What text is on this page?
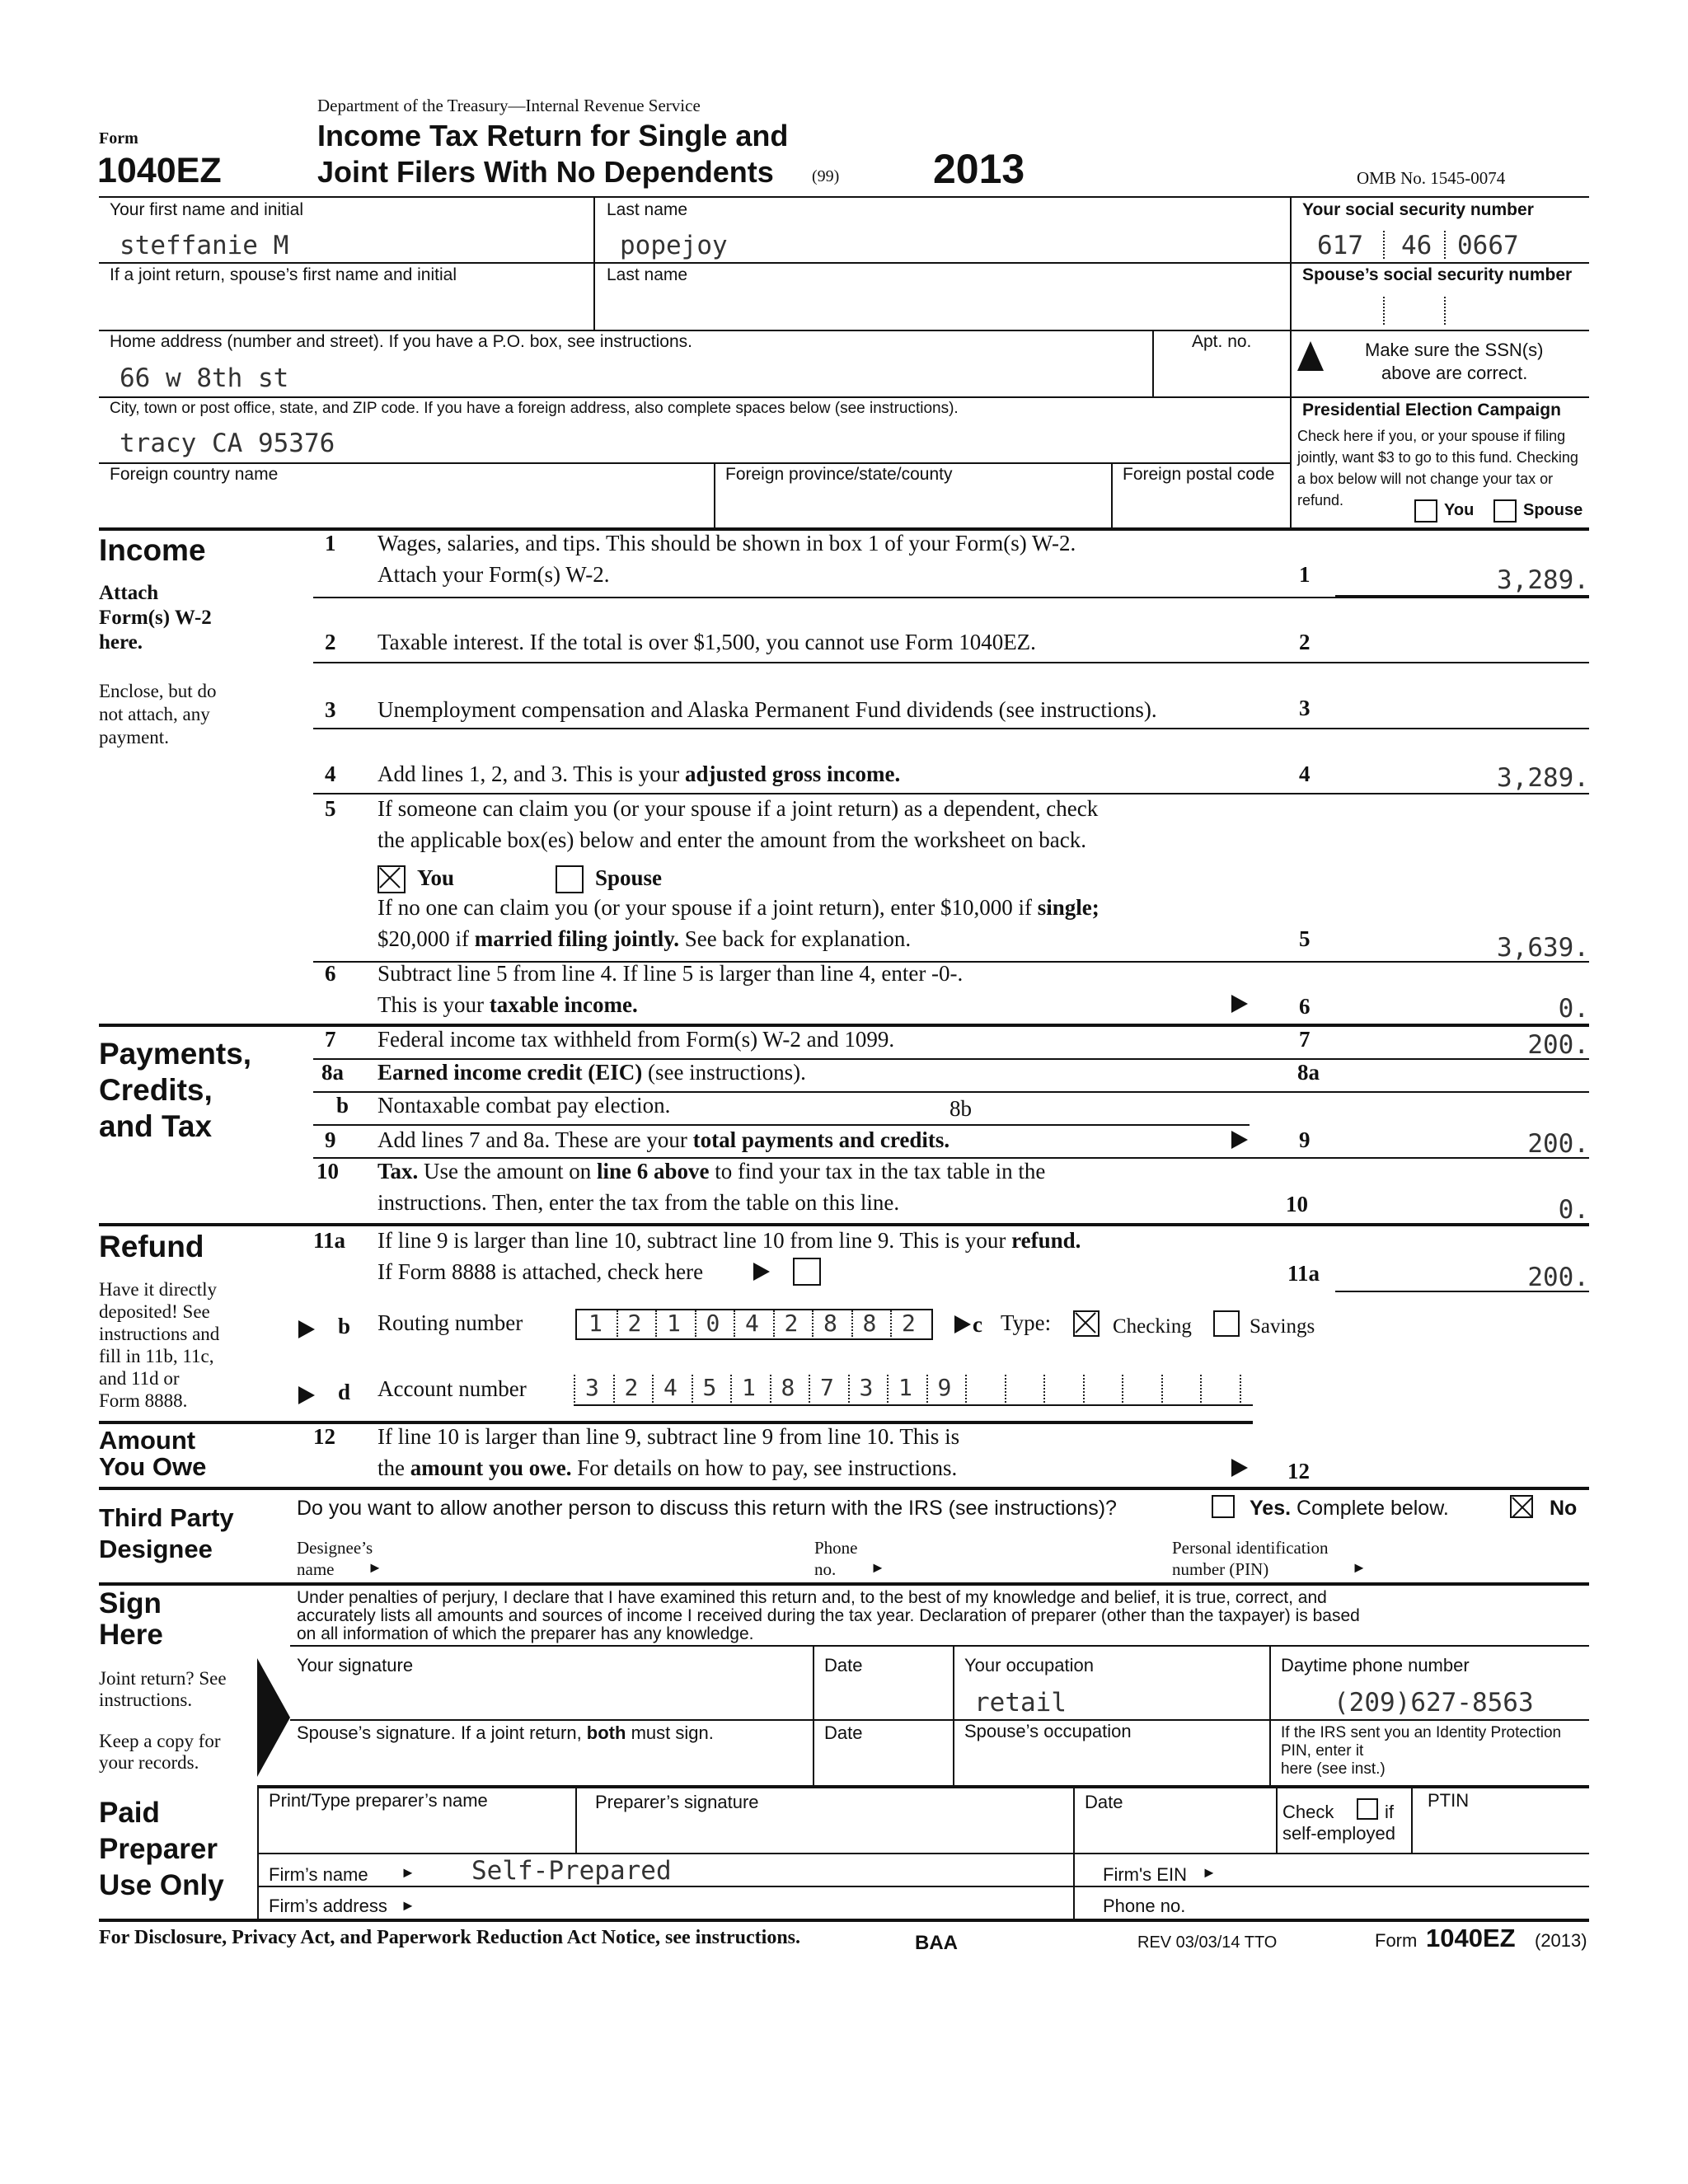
Department of the Treasury—Internal Revenue Service
Form
1040EZ
Income Tax Return for Single and
Joint Filers With No Dependents (99) 2013	OMB No. 1545-0074
Your first name and initial
steffanie M
Last name
popejoy
Your social security number
617 46 0667
If a joint return, spouse’s first name and initial	Last name	Spouse’s social security number
Home address (number and street). If you have a P.O. box, see instructions.
66 w 8th st
Apt. no.	Make sure the SSN(s)
above are correct.
City, town or post office, state, and ZIP code. If you have a foreign address, also complete spaces below (see instructions).
tracy CA 95376
Presidential Election Campaign
Check here if you, or your spouse if filing
jointly, want $3 to go to this fund. Checking
a box below will not change your tax or
refund.
You	Spouse
Foreign country name	Foreign province/state/county	Foreign postal code
Income
Attach
Form(s) W-2
here.
Enclose, but do
not attach, any
payment.
1 Wages, salaries, and tips. This should be shown in box 1 of your Form(s) W-2.
Attach your Form(s) W-2.	1	3,289.
2 Taxable interest. If the total is over $1,500, you cannot use Form 1040EZ.	2
3 Unemployment compensation and Alaska Permanent Fund dividends (see instructions).	3
4 Add lines 1, 2, and 3. This is your adjusted gross income.	4	3,289.
5 If someone can claim you (or your spouse if a joint return) as a dependent, check
the applicable box(es) below and enter the amount from the worksheet on back.
You	Spouse
If no one can claim you (or your spouse if a joint return), enter $10,000 if single;
$20,000 if married filing jointly. See back for explanation.	5	3,639.
6 Subtract line 5 from line 4. If line 5 is larger than line 4, enter -0-.
This is your taxable income.	6	0.
Payments,
Credits,
and Tax
7 Federal income tax withheld from Form(s) W-2 and 1099.	7	200.
8a Earned income credit (EIC) (see instructions).	8a
b Nontaxable combat pay election.	8b
9 Add lines 7 and 8a. These are your total payments and credits.	9	200.
10 Tax. Use the amount on line 6 above to find your tax in the tax table in the
instructions. Then, enter the tax from the table on this line.	10	0.
Refund
Have it directly
deposited! See
instructions and
fill in 11b, 11c,
and 11d or
Form 8888.
11a If line 9 is larger than line 10, subtract line 10 from line 9. This is your refund.
If Form 8888 is attached, check here	11a	200.
b Routing number	1 2 1 0 4 2 8 8 2	c Type:	Checking	Savings
d Account number	3 2 4 5 1 8 7 3 1 9
Amount
You Owe
12 If line 10 is larger than line 9, subtract line 9 from line 10. This is
the amount you owe. For details on how to pay, see instructions.	12
Third Party
Designee
Do you want to allow another person to discuss this return with the IRS (see instructions)?	Yes. Complete below.	No
Designee’s
name ►
Phone
no. ►
Personal identification
number (PIN)	►
Sign
Here
Joint return? See
instructions.
Keep a copy for
your records.
Under penalties of perjury, I declare that I have examined this return and, to the best of my knowledge and belief, it is true, correct, and
accurately lists all amounts and sources of income I received during the tax year. Declaration of preparer (other than the taxpayer) is based
on all information of which the preparer has any knowledge.
Your signature	Date	Your occupation
retail
Daytime phone number
(209)627-8563
Spouse’s signature. If a joint return, both must sign.	Date	Spouse’s occupation	If the IRS sent you an Identity Protection
PIN, enter it
here (see inst.)
Paid
Preparer
Use Only
Print/Type preparer’s name	Preparer’s signature	Date	Check	if
self-employed
PTIN
Firm’s name ► Self-Prepared	Firm's EIN ►
Firm’s address ►	Phone no.
For Disclosure, Privacy Act, and Paperwork Reduction Act Notice, see instructions.	BAA	REV 03/03/14 TTO	Form 1040EZ (2013)
